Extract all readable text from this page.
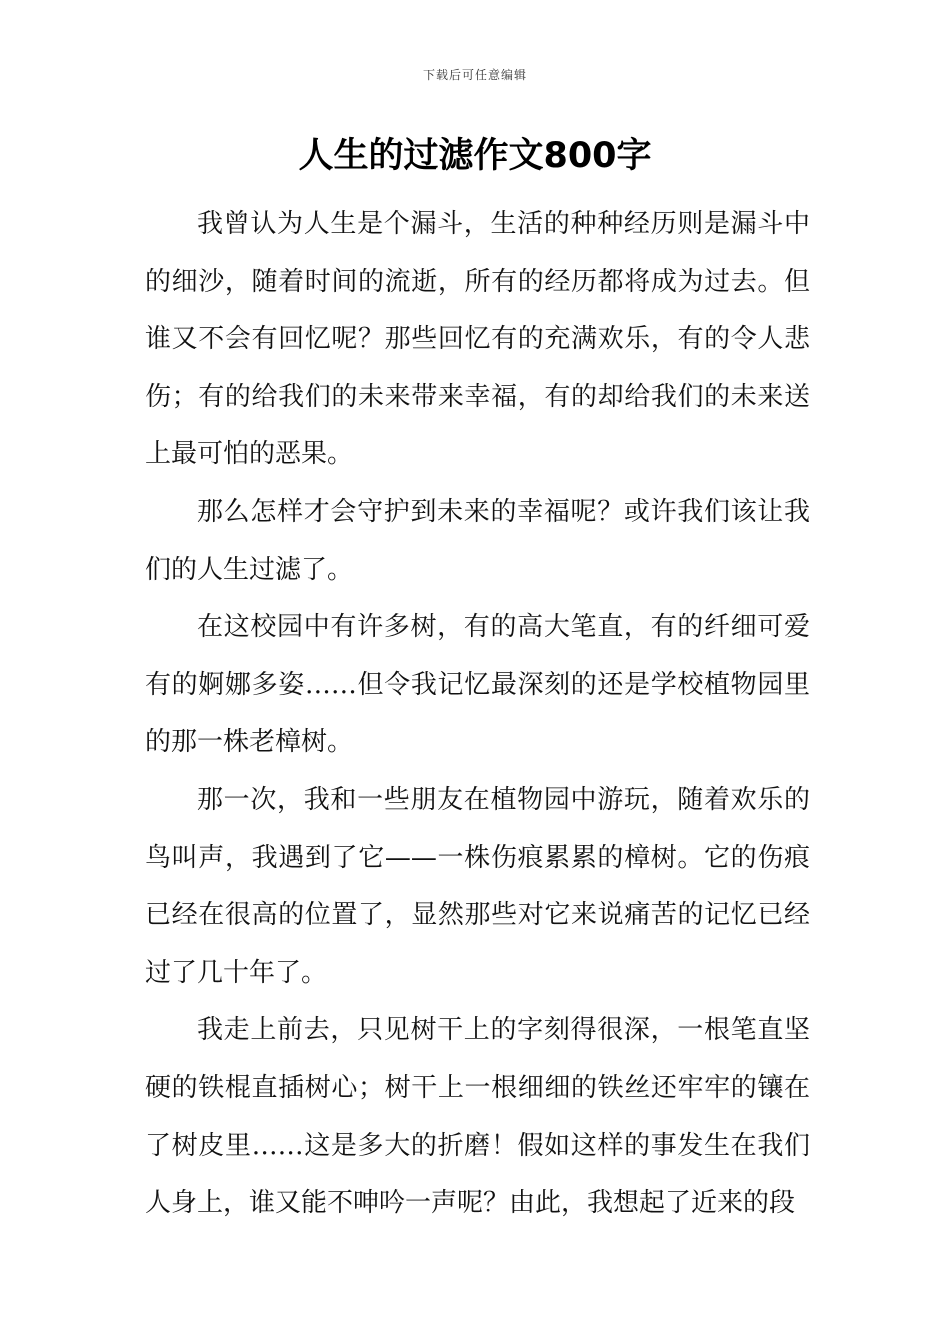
下载后可任意编辑
人生的过滤作文800字

我曾认为人生是个漏斗，生活的种种经历则是漏斗中的细沙，随着时间的流逝，所有的经历都将成为过去。但谁又不会有回忆呢？那些回忆有的充满欢乐，有的令人悲伤；有的给我们的未来带来幸福，有的却给我们的未来送上最可怕的恶果。

那么怎样才会守护到未来的幸福呢？或许我们该让我们的人生过滤了。

在这校园中有许多树，有的高大笔直，有的纤细可爱有的婀娜多姿……但令我记忆最深刻的还是学校植物园里的那一株老樟树。

那一次，我和一些朋友在植物园中游玩，随着欢乐的鸟叫声，我遇到了它——一株伤痕累累的樟树。它的伤痕已经在很高的位置了，显然那些对它来说痛苦的记忆已经过了几十年了。

我走上前去，只见树干上的字刻得很深，一根笔直坚硬的铁棍直插树心；树干上一根细细的铁丝还牢牢的镶在了树皮里……这是多大的折磨！假如这样的事发生在我们人身上，谁又能不呻吟一声呢？由此，我想起了近来的段
